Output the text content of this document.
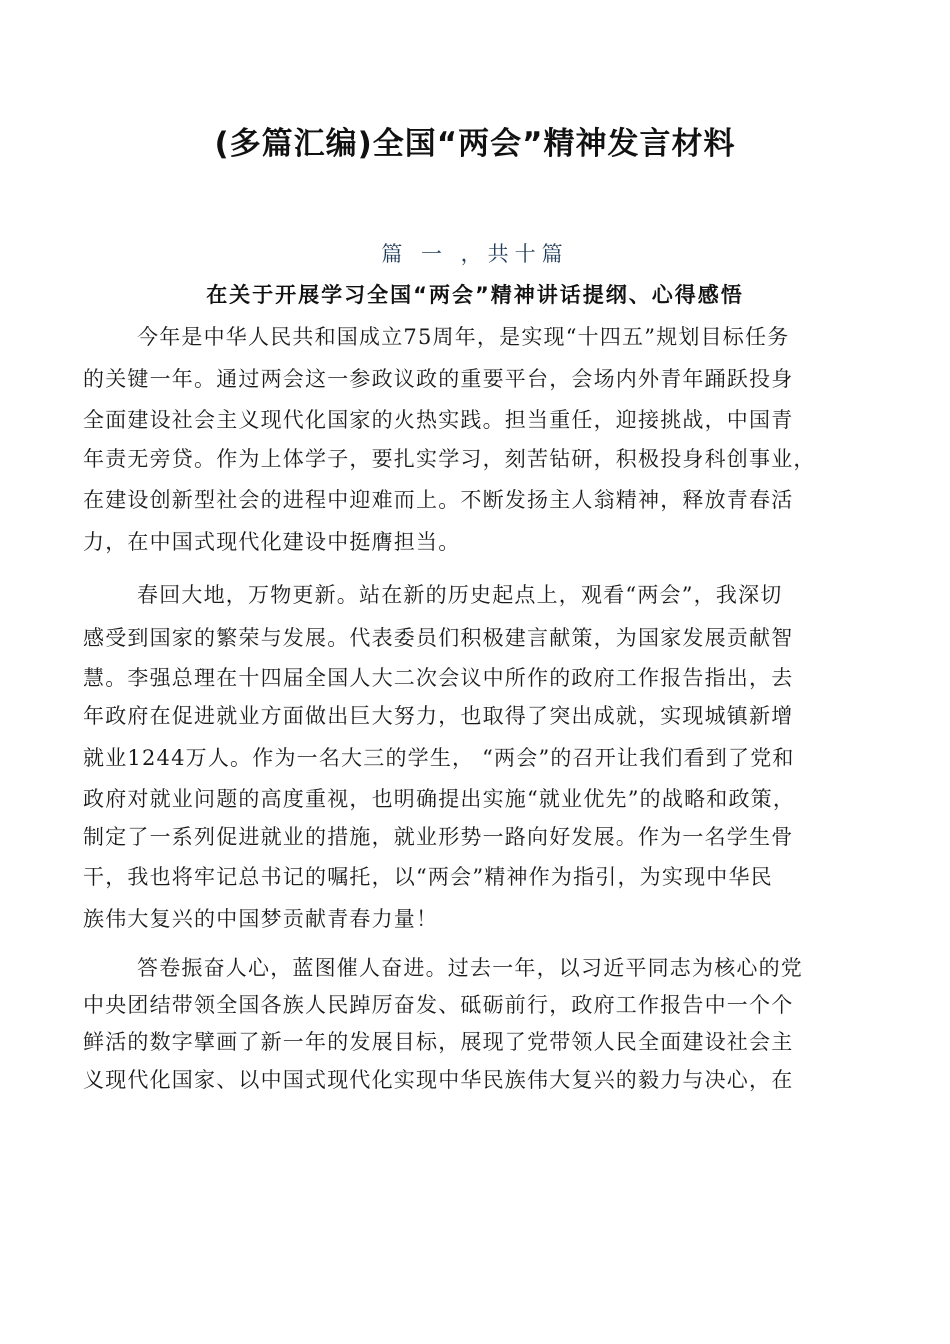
(多篇汇编)全国“两会”精神发言材料
篇 一 ，共十篇
在关于开展学习全国“两会”精神讲话提纲、心得感悟
今年是中华人民共和国成立75周年，是实现“十四五”规划目标任务
的关键一年。通过两会这一参政议政的重要平台，会场内外青年踊跃投身
全面建设社会主义现代化国家的火热实践。担当重任，迎接挑战，中国青
年责无旁贷。作为上体学子，要扎实学习，刻苦钻研，积极投身科创事业，
在建设创新型社会的进程中迎难而上。不断发扬主人翁精神，释放青春活
力，在中国式现代化建设中挺膺担当。
春回大地，万物更新。站在新的历史起点上，观看“两会”，我深切
感受到国家的繁荣与发展。代表委员们积极建言献策，为国家发展贡献智
慧。李强总理在十四届全国人大二次会议中所作的政府工作报告指出，去
年政府在促进就业方面做出巨大努力，也取得了突出成就，实现城镇新增
就业1244万人。作为一名大三的学生， “两会”的召开让我们看到了党和
政府对就业问题的高度重视，也明确提出实施“就业优先”的战略和政策，
制定了一系列促进就业的措施，就业形势一路向好发展。作为一名学生骨
干，我也将牢记总书记的嘱托，以“两会”精神作为指引，为实现中华民
族伟大复兴的中国梦贡献青春力量！
答卷振奋人心，蓝图催人奋进。过去一年，以习近平同志为核心的党
中央团结带领全国各族人民踔厉奋发、砥砺前行，政府工作报告中一个个
鲜活的数字擘画了新一年的发展目标，展现了党带领人民全面建设社会主
义现代化国家、以中国式现代化实现中华民族伟大复兴的毅力与决心，在
